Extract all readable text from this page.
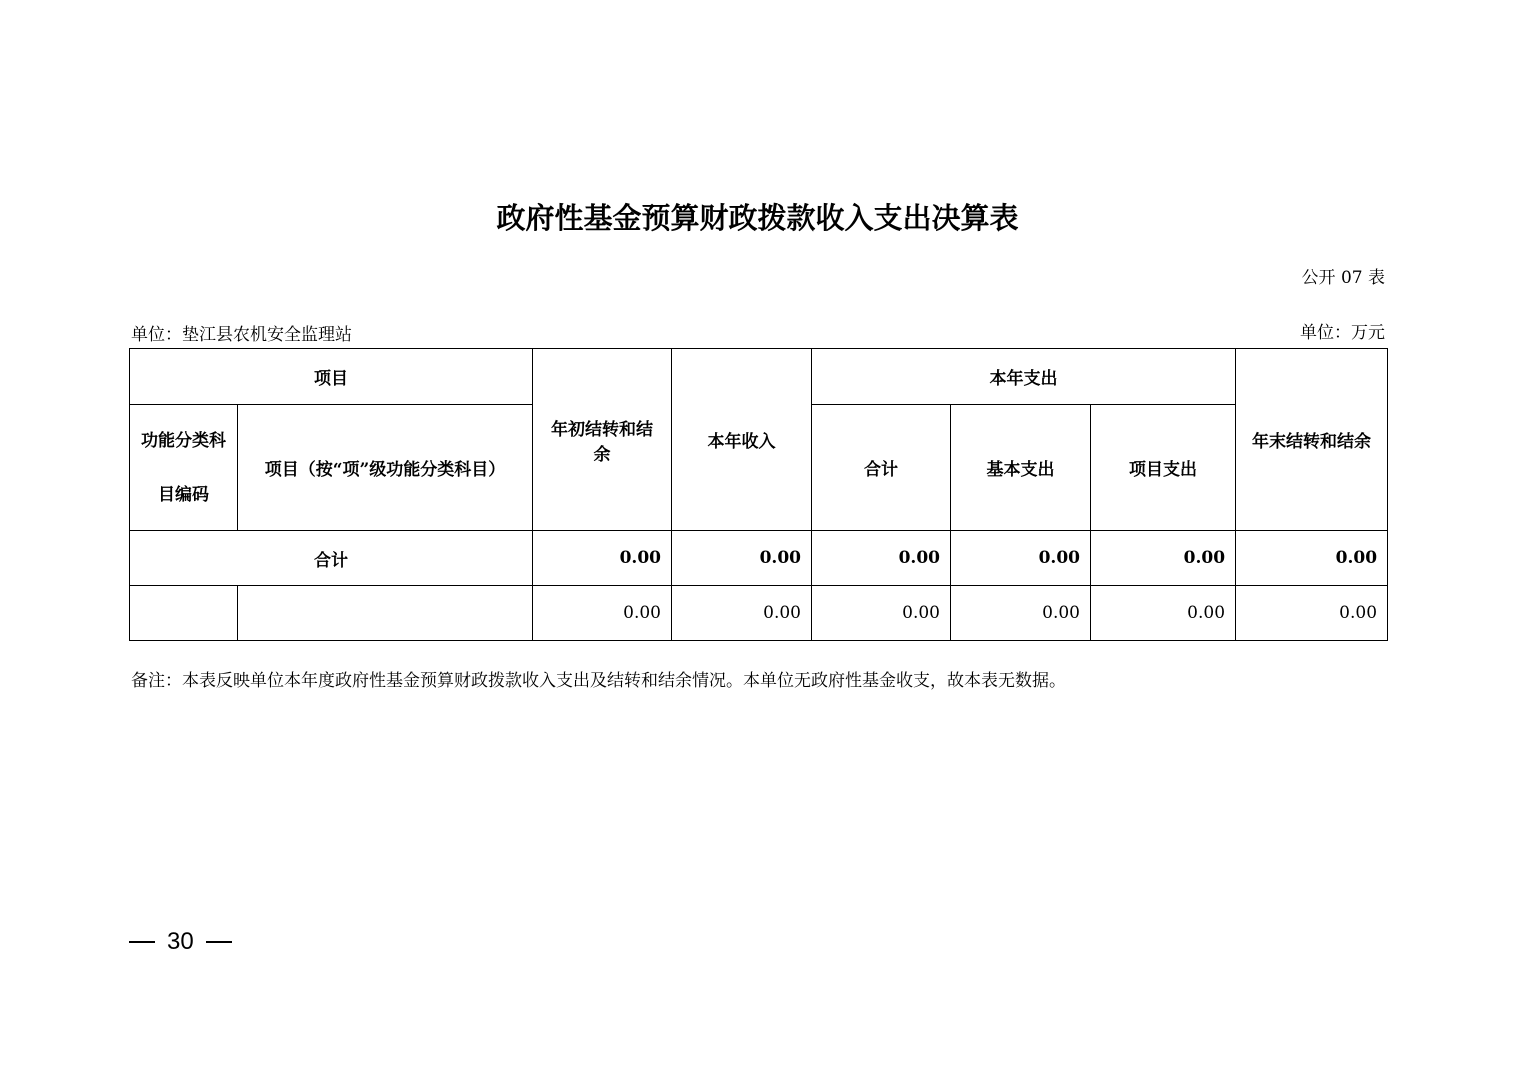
政府性基金预算财政拨款收入支出决算表
公开 07 表
单位：垫江县农机安全监理站	单位：万元
项目		年初结转和结余	本年收入	本年支出			年末结转和结余
功能分类科目编码	项目（按“项”级功能分类科目）			合计	基本支出	项目支出	
合计		0.00	0.00	0.00	0.00	0.00	0.00
		0.00	0.00	0.00	0.00	0.00	0.00
备注：本表反映单位本年度政府性基金预算财政拨款收入支出及结转和结余情况。本单位无政府性基金收支，故本表无数据。
30
